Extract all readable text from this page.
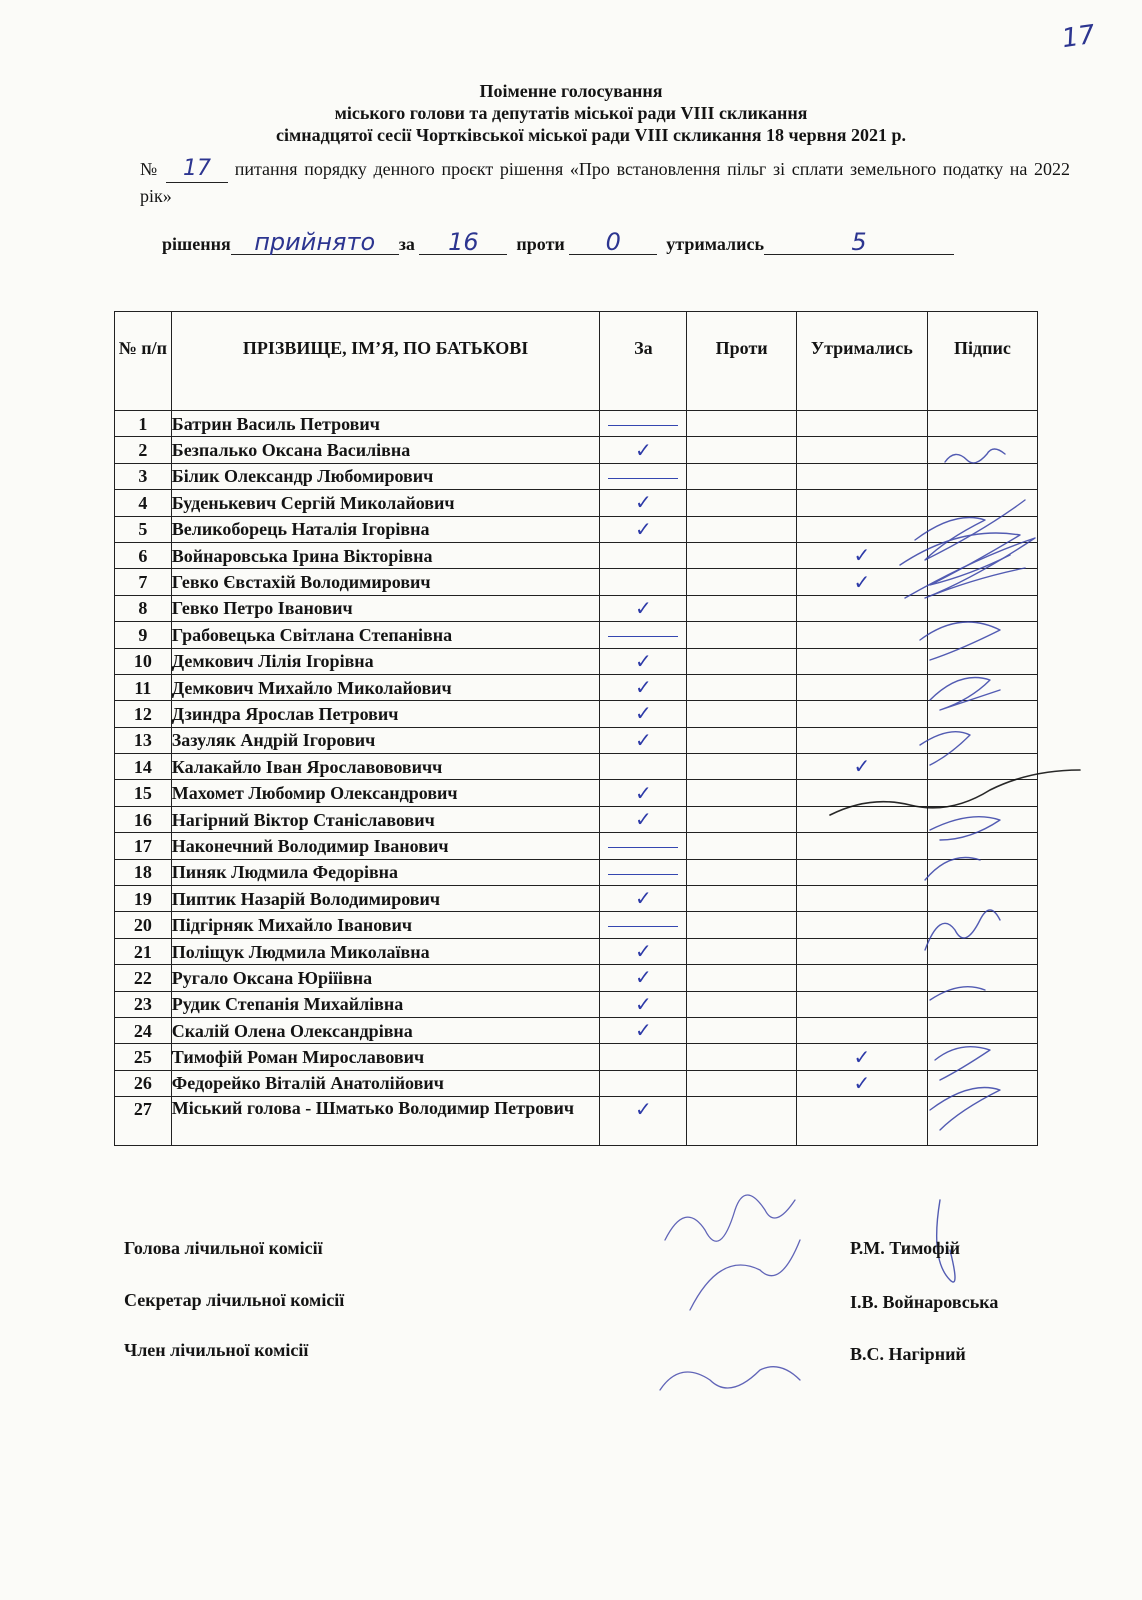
17
Поіменне голосування
міського голови та депутатів міської ради VIII скликання
сімнадцятої сесії Чортківської міської ради VIII скликання 18 червня 2021 р.
№ 17 питання порядку денного проєкт рішення «Про встановлення пільг зі сплати земельного податку на 2022 рік»
рішення прийнято за 16 проти 0	утримались	5
№ п/п	ПРІЗВИЩЕ, ІМ’Я, ПО БАТЬКОВІ	За	Проти	Утримались	Підпис
1	Батрин Василь Петрович				
2	Безпалько Оксана Василівна	✓			
3	Білик Олександр Любомирович				
4	Буденькевич Сергій Миколайович	✓			
5	Великоборець Наталія Ігорівна	✓			
6	Войнаровська Ірина Вікторівна			✓	
7	Гевко Євстахій Володимирович			✓	
8	Гевко Петро Іванович	✓			
9	Грабовецька Світлана Степанівна				
10	Демкович Лілія Ігорівна	✓			
11	Демкович Михайло Миколайович	✓			
12	Дзиндра Ярослав Петрович	✓			
13	Зазуляк Андрій Ігорович	✓			
14	Калакайло Іван Ярославововичч			✓	
15	Махомет Любомир Олександрович	✓			
16	Нагірний Віктор Станіславович	✓			
17	Наконечний Володимир Іванович				
18	Пиняк Людмила Федорівна				
19	Пиптик Назарій Володимирович	✓			
20	Підгірняк Михайло Іванович				
21	Поліщук Людмила Миколаївна	✓			
22	Ругало Оксана Юріїівна	✓			
23	Рудик Степанія Михайлівна	✓			
24	Скалій Олена Олександрівна	✓			
25	Тимофій Роман Мирославович			✓	
26	Федорейко Віталій Анатолійович			✓	
27	Міський голова - Шматько Володимир Петрович	✓			
Голова лічильної комісії	Р.М. Тимофій
Секретар лічильної комісії	І.В. Войнаровська
Член лічильної комісії	В.С. Нагірний
